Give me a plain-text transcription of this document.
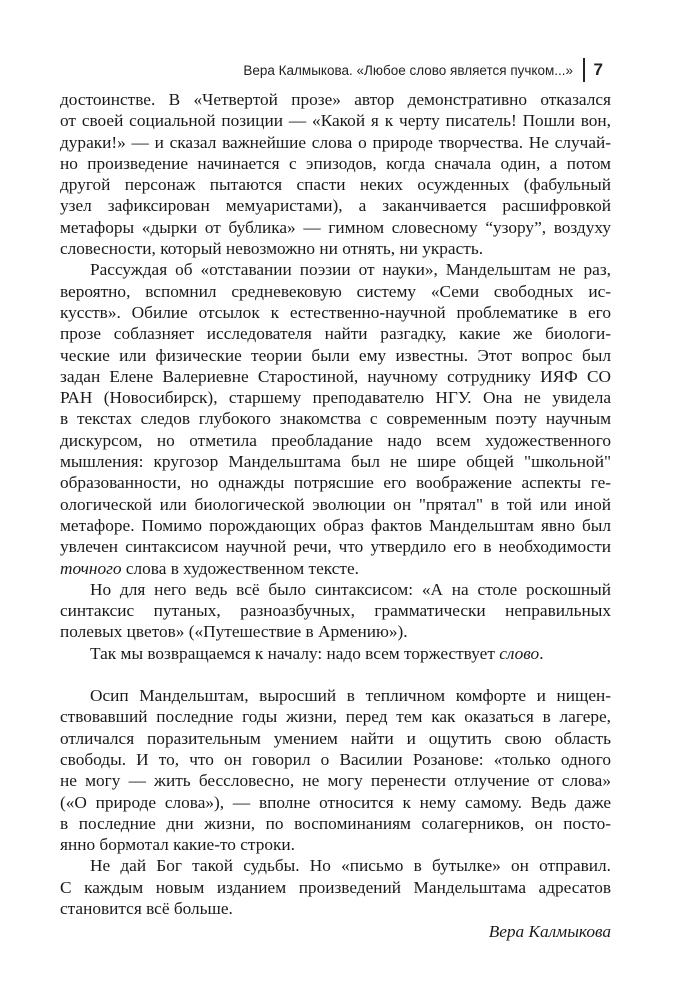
Вера Калмыкова. «Любое слово является пучком...» 7
достоинстве. В «Четвертой прозе» автор демонстративно отказался
от своей социальной позиции — «Какой я к черту писатель! Пошли вон,
дураки!» — и сказал важнейшие слова о природе творчества. Не случай-
но произведение начинается с эпизодов, когда сначала один, а потом
другой персонаж пытаются спасти неких осужденных (фабульный
узел зафиксирован мемуаристами), а заканчивается расшифровкой
метафоры «дырки от бублика» — гимном словесному “узору”, воздуху
словесности, который невозможно ни отнять, ни украсть.
Рассуждая об «отставании поэзии от науки», Мандельштам не раз,
вероятно, вспомнил средневековую систему «Семи свободных ис-
кусств». Обилие отсылок к естественно-научной проблематике в его
прозе соблазняет исследователя найти разгадку, какие же биологи-
ческие или физические теории были ему известны. Этот вопрос был
задан Елене Валериевне Старостиной, научному сотруднику ИЯФ СО
РАН (Новосибирск), старшему преподавателю НГУ. Она не увидела
в текстах следов глубокого знакомства с современным поэту научным
дискурсом, но отметила преобладание надо всем художественного
мышления: кругозор Мандельштама был не шире общей "школьной"
образованности, но однажды потрясшие его воображение аспекты ге-
ологической или биологической эволюции он "прятал" в той или иной
метафоре. Помимо порождающих образ фактов Мандельштам явно был
увлечен синтаксисом научной речи, что утвердило его в необходимости
точного слова в художественном тексте.
Но для него ведь всё было синтаксисом: «А на столе роскошный
синтаксис путаных, разноазбучных, грамматически неправильных
полевых цветов» («Путешествие в Армению»).
Так мы возвращаемся к началу: надо всем торжествует слово.
Осип Мандельштам, выросший в тепличном комфорте и нищен-
ствовавший последние годы жизни, перед тем как оказаться в лагере,
отличался поразительным умением найти и ощутить свою область
свободы. И то, что он говорил о Василии Розанове: «только одного
не могу — жить бесcловесно, не могу перенести отлучение от слова»
(«О природе слова»), — вполне относится к нему самому. Ведь даже
в последние дни жизни, по воспоминаниям солагерников, он посто-
янно бормотал какие-то строки.
Не дай Бог такой судьбы. Но «письмо в бутылке» он отправил.
С каждым новым изданием произведений Мандельштама адресатов
становится всё больше.
Вера Калмыкова
